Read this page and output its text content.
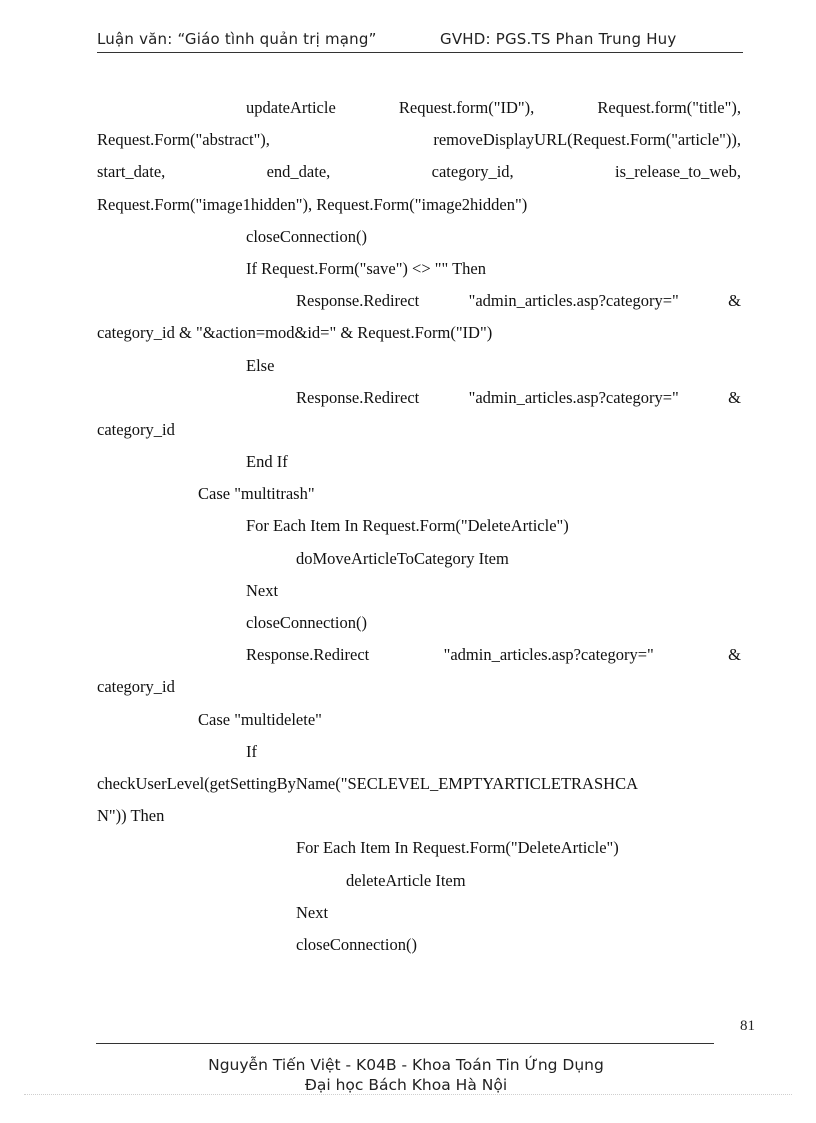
Luận văn: “Giáo tình quản trị mạng”	GVHD: PGS.TS Phan Trung Huy
updateArticle	Request.form("ID"),	Request.form("title"),
Request.Form("abstract"),	removeDisplayURL(Request.Form("article")),
start_date,	end_date,	category_id,	is_release_to_web,
Request.Form("image1hidden"), Request.Form("image2hidden")
closeConnection()
If Request.Form("save") <> "" Then
Response.Redirect	"admin_articles.asp?category="	&
category_id & "&action=mod&id=" & Request.Form("ID")
Else
Response.Redirect	"admin_articles.asp?category="	&
category_id
End If
Case "multitrash"
For Each Item In Request.Form("DeleteArticle")
doMoveArticleToCategory Item
Next
closeConnection()
Response.Redirect	"admin_articles.asp?category="	&
category_id
Case "multidelete"
If
checkUserLevel(getSettingByName("SECLEVEL_EMPTYARTICLETRASHCA
N")) Then
For Each Item In Request.Form("DeleteArticle")
deleteArticle Item
Next
closeConnection()
81
Nguyễn Tiến Việt - K04B - Khoa Toán Tin Ứng Dụng
Đại học Bách Khoa Hà Nội
